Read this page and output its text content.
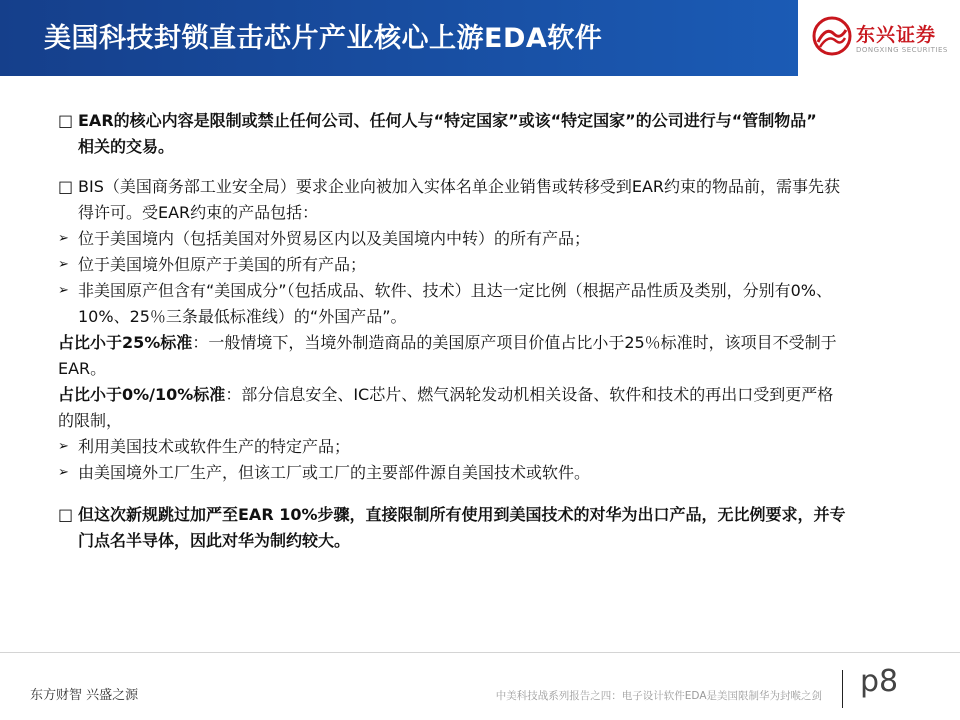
美国科技封锁直击芯片产业核心上游EDA软件	东兴证券
DONGXING SECURITIES
□ EAR的核心内容是限制或禁止任何公司、任何人与“特定国家”或该“特定国家”的公司进行与“管制物品”
相关的交易。
□ BIS（美国商务部工业安全局）要求企业向被加入实体名单企业销售或转移受到EAR约束的物品前，需事先获
得许可。受EAR约束的产品包括：
➢ 位于美国境内（包括美国对外贸易区内以及美国境内中转）的所有产品；
➢ 位于美国境外但原产于美国的所有产品；
➢ 非美国原产但含有“美国成分”（包括成品、软件、技术）且达一定比例（根据产品性质及类别，分别有0%、
10%、25％三条最低标准线）的“外国产品”。
占比小于25%标准：一般情境下，当境外制造商品的美国原产项目价值占比小于25％标准时，该项目不受制于
EAR。
占比小于0%/10%标准：部分信息安全、IC芯片、燃气涡轮发动机相关设备、软件和技术的再出口受到更严格
的限制，
➢ 利用美国技术或软件生产的特定产品；
➢ 由美国境外工厂生产，但该工厂或工厂的主要部件源自美国技术或软件。
□ 但这次新规跳过加严至EAR 10%步骤，直接限制所有使用到美国技术的对华为出口产品，无比例要求，并专
门点名半导体，因此对华为制约较大。
东方财智 兴盛之源	中美科技战系列报告之四：电子设计软件EDA是美国限制华为封喉之剑 p8
